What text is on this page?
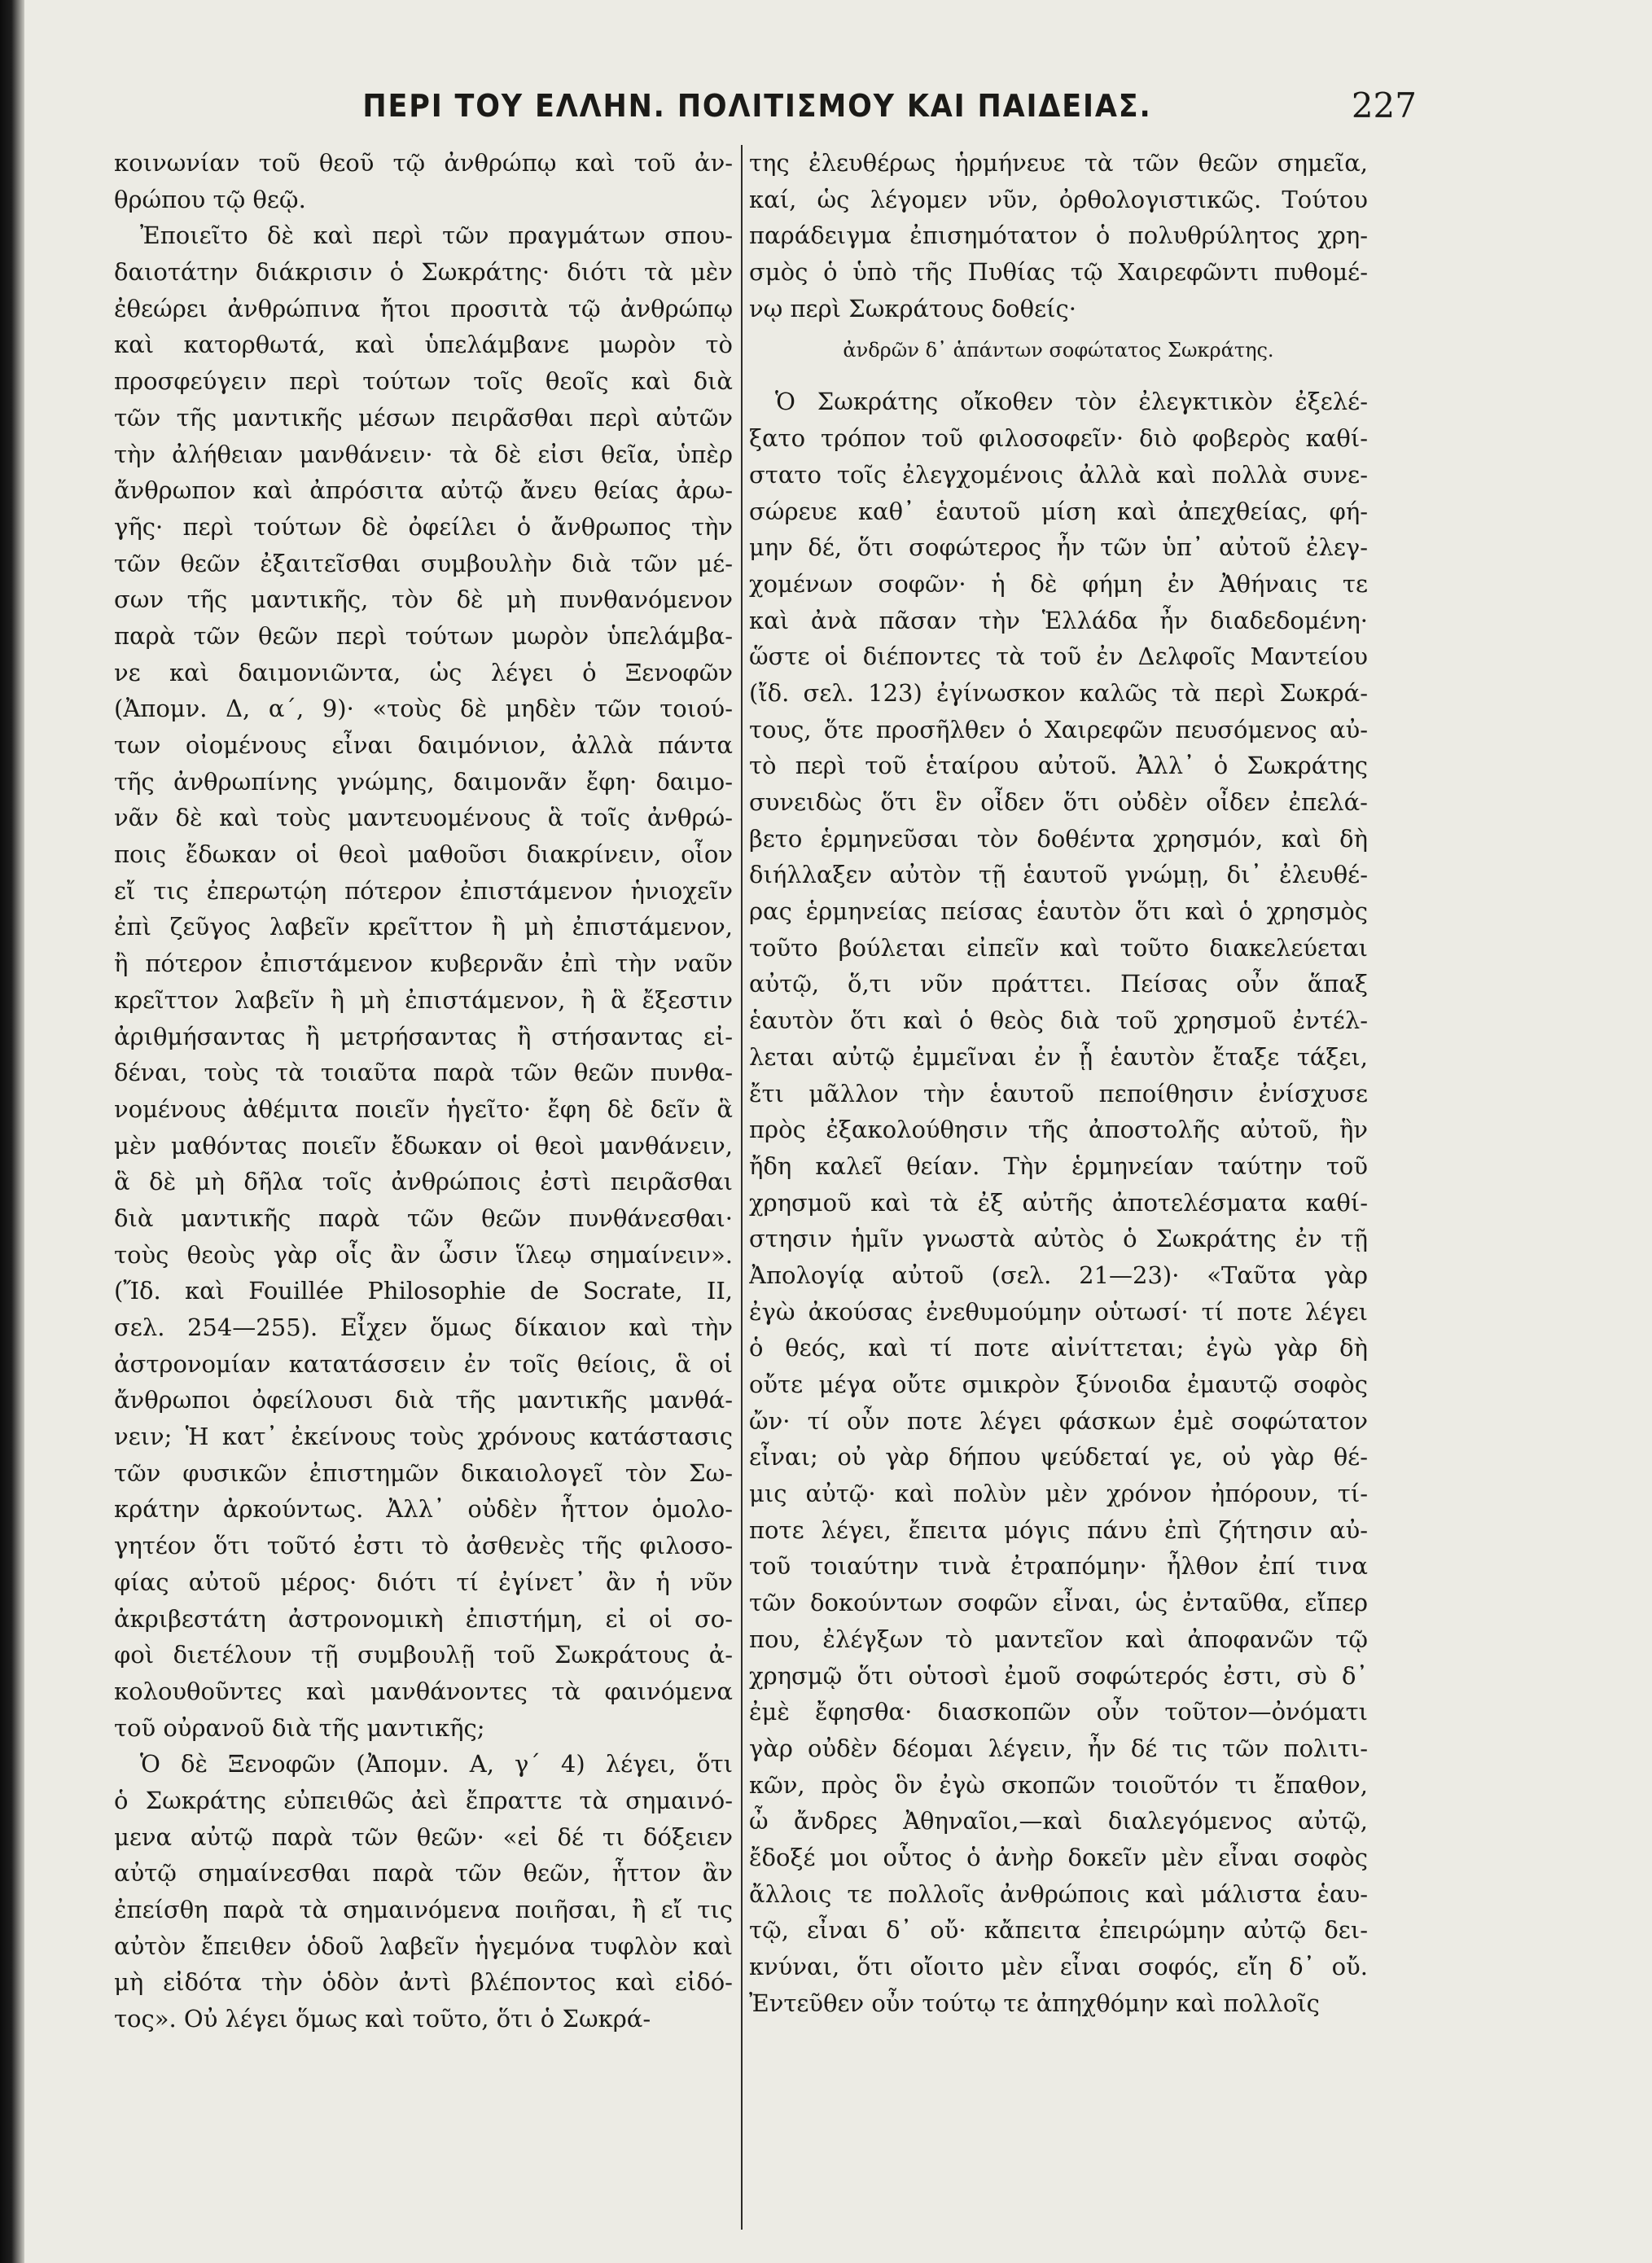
ΠΕΡΙ ΤΟΥ ΕΛΛΗΝ. ΠΟΛΙΤΙΣΜΟΥ ΚΑΙ ΠΑΙΔΕΙΑΣ.	227
κοινωνίαν τοῦ θεοῦ τῷ ἀνθρώπῳ καὶ τοῦ ἀν-
θρώπου τῷ θεῷ.
Ἐποιεῖτο δὲ καὶ περὶ τῶν πραγμάτων σπου-
δαιοτάτην διάκρισιν ὁ Σωκράτης· διότι τὰ μὲν
ἐθεώρει ἀνθρώπινα ἤτοι προσιτὰ τῷ ἀνθρώπῳ
καὶ κατορθωτά, καὶ ὑπελάμβανε μωρὸν τὸ
προσφεύγειν περὶ τούτων τοῖς θεοῖς καὶ διὰ
τῶν τῆς μαντικῆς μέσων πειρᾶσθαι περὶ αὐτῶν
τὴν ἀλήθειαν μανθάνειν· τὰ δὲ εἰσι θεῖα, ὑπὲρ
ἄνθρωπον καὶ ἀπρόσιτα αὐτῷ ἄνευ θείας ἀρω-
γῆς· περὶ τούτων δὲ ὀφείλει ὁ ἄνθρωπος τὴν
τῶν θεῶν ἐξαιτεῖσθαι συμβουλὴν διὰ τῶν μέ-
σων τῆς μαντικῆς, τὸν δὲ μὴ πυνθανόμενον
παρὰ τῶν θεῶν περὶ τούτων μωρὸν ὑπελάμβα-
νε καὶ δαιμονιῶντα, ὡς λέγει ὁ Ξενοφῶν
(Ἀπομν. Δ, α΄, 9)· «τοὺς δὲ μηδὲν τῶν τοιού-
των οἰομένους εἶναι δαιμόνιον, ἀλλὰ πάντα
τῆς ἀνθρωπίνης γνώμης, δαιμονᾶν ἔφη· δαιμο-
νᾶν δὲ καὶ τοὺς μαντευομένους ἃ τοῖς ἀνθρώ-
ποις ἔδωκαν οἱ θεοὶ μαθοῦσι διακρίνειν, οἷον
εἴ τις ἐπερωτῴη πότερον ἐπιστάμενον ἡνιοχεῖν
ἐπὶ ζεῦγος λαβεῖν κρεῖττον ἢ μὴ ἐπιστάμενον,
ἢ πότερον ἐπιστάμενον κυβερνᾶν ἐπὶ τὴν ναῦν
κρεῖττον λαβεῖν ἢ μὴ ἐπιστάμενον, ἢ ἃ ἔξεστιν
ἀριθμήσαντας ἢ μετρήσαντας ἢ στήσαντας εἰ-
δέναι, τοὺς τὰ τοιαῦτα παρὰ τῶν θεῶν πυνθα-
νομένους ἀθέμιτα ποιεῖν ἡγεῖτο· ἔφη δὲ δεῖν ἃ
μὲν μαθόντας ποιεῖν ἔδωκαν οἱ θεοὶ μανθάνειν,
ἃ δὲ μὴ δῆλα τοῖς ἀνθρώποις ἐστὶ πειρᾶσθαι
διὰ μαντικῆς παρὰ τῶν θεῶν πυνθάνεσθαι·
τοὺς θεοὺς γὰρ οἷς ἂν ὦσιν ἵλεῳ σημαίνειν».
(Ἴδ. καὶ Fouillée Philosophie de Socrate, II,
σελ. 254—255). Εἶχεν ὅμως δίκαιον καὶ τὴν
ἀστρονομίαν κατατάσσειν ἐν τοῖς θείοις, ἃ οἱ
ἄνθρωποι ὀφείλουσι διὰ τῆς μαντικῆς μανθά-
νειν; Ἡ κατ᾽ ἐκείνους τοὺς χρόνους κατάστασις
τῶν φυσικῶν ἐπιστημῶν δικαιολογεῖ τὸν Σω-
κράτην ἀρκούντως. Ἀλλ᾽ οὐδὲν ἧττον ὁμολο-
γητέον ὅτι τοῦτό ἐστι τὸ ἀσθενὲς τῆς φιλοσο-
φίας αὐτοῦ μέρος· διότι τί ἐγίνετ᾽ ἂν ἡ νῦν
ἀκριβεστάτη ἀστρονομικὴ ἐπιστήμη, εἰ οἱ σο-
φοὶ διετέλουν τῇ συμβουλῇ τοῦ Σωκράτους ἀ-
κολουθοῦντες καὶ μανθάνοντες τὰ φαινόμενα
τοῦ οὐρανοῦ διὰ τῆς μαντικῆς;
Ὁ δὲ Ξενοφῶν (Ἀπομν. Α, γ΄ 4) λέγει, ὅτι
ὁ Σωκράτης εὐπειθῶς ἀεὶ ἔπραττε τὰ σημαινό-
μενα αὐτῷ παρὰ τῶν θεῶν· «εἰ δέ τι δόξειεν
αὐτῷ σημαίνεσθαι παρὰ τῶν θεῶν, ἧττον ἂν
ἐπείσθη παρὰ τὰ σημαινόμενα ποιῆσαι, ἢ εἴ τις
αὐτὸν ἔπειθεν ὁδοῦ λαβεῖν ἡγεμόνα τυφλὸν καὶ
μὴ εἰδότα τὴν ὁδὸν ἀντὶ βλέποντος καὶ εἰδό-
τος». Οὐ λέγει ὅμως καὶ τοῦτο, ὅτι ὁ Σωκρά-
της ἐλευθέρως ἡρμήνευε τὰ τῶν θεῶν σημεῖα,
καί, ὡς λέγομεν νῦν, ὀρθολογιστικῶς. Τούτου
παράδειγμα ἐπισημότατον ὁ πολυθρύλητος χρη-
σμὸς ὁ ὑπὸ τῆς Πυθίας τῷ Χαιρεφῶντι πυθομέ-
νῳ περὶ Σωκράτους δοθείς·
ἀνδρῶν δ᾽ ἁπάντων σοφώτατος Σωκράτης.
Ὁ Σωκράτης οἴκοθεν τὸν ἐλεγκτικὸν ἐξελέ-
ξατο τρόπον τοῦ φιλοσοφεῖν· διὸ φοβερὸς καθί-
στατο τοῖς ἐλεγχομένοις ἀλλὰ καὶ πολλὰ συνε-
σώρευε καθ᾽ ἑαυτοῦ μίση καὶ ἀπεχθείας, φή-
μην δέ, ὅτι σοφώτερος ἦν τῶν ὑπ᾽ αὐτοῦ ἐλεγ-
χομένων σοφῶν· ἡ δὲ φήμη ἐν Ἀθήναις τε
καὶ ἀνὰ πᾶσαν τὴν Ἑλλάδα ἦν διαδεδομένη·
ὥστε οἱ διέποντες τὰ τοῦ ἐν Δελφοῖς Μαντείου
(ἴδ. σελ. 123) ἐγίνωσκον καλῶς τὰ περὶ Σωκρά-
τους, ὅτε προσῆλθεν ὁ Χαιρεφῶν πευσόμενος αὐ-
τὸ περὶ τοῦ ἑταίρου αὐτοῦ. Ἀλλ᾽ ὁ Σωκράτης
συνειδὼς ὅτι ἓν οἶδεν ὅτι οὐδὲν οἶδεν ἐπελά-
βετο ἑρμηνεῦσαι τὸν δοθέντα χρησμόν, καὶ δὴ
διήλλαξεν αὐτὸν τῇ ἑαυτοῦ γνώμῃ, δι᾽ ἐλευθέ-
ρας ἑρμηνείας πείσας ἑαυτὸν ὅτι καὶ ὁ χρησμὸς
τοῦτο βούλεται εἰπεῖν καὶ τοῦτο διακελεύεται
αὐτῷ, ὅ,τι νῦν πράττει. Πείσας οὖν ἅπαξ
ἑαυτὸν ὅτι καὶ ὁ θεὸς διὰ τοῦ χρησμοῦ ἐντέλ-
λεται αὐτῷ ἐμμεῖναι ἐν ᾗ ἑαυτὸν ἔταξε τάξει,
ἔτι μᾶλλον τὴν ἑαυτοῦ πεποίθησιν ἐνίσχυσε
πρὸς ἐξακολούθησιν τῆς ἀποστολῆς αὐτοῦ, ἣν
ἤδη καλεῖ θείαν. Τὴν ἑρμηνείαν ταύτην τοῦ
χρησμοῦ καὶ τὰ ἐξ αὐτῆς ἀποτελέσματα καθί-
στησιν ἡμῖν γνωστὰ αὐτὸς ὁ Σωκράτης ἐν τῇ
Ἀπολογίᾳ αὐτοῦ (σελ. 21—23)· «Ταῦτα γὰρ
ἐγὼ ἀκούσας ἐνεθυμούμην οὑτωσί· τί ποτε λέγει
ὁ θεός, καὶ τί ποτε αἰνίττεται; ἐγὼ γὰρ δὴ
οὔτε μέγα οὔτε σμικρὸν ξύνοιδα ἐμαυτῷ σοφὸς
ὤν· τί οὖν ποτε λέγει φάσκων ἐμὲ σοφώτατον
εἶναι; οὐ γὰρ δήπου ψεύδεταί γε, οὐ γὰρ θέ-
μις αὐτῷ· καὶ πολὺν μὲν χρόνον ἠπόρουν, τί-
ποτε λέγει, ἔπειτα μόγις πάνυ ἐπὶ ζήτησιν αὐ-
τοῦ τοιαύτην τινὰ ἐτραπόμην· ἦλθον ἐπί τινα
τῶν δοκούντων σοφῶν εἶναι, ὡς ἐνταῦθα, εἴπερ
που, ἐλέγξων τὸ μαντεῖον καὶ ἀποφανῶν τῷ
χρησμῷ ὅτι οὑτοσὶ ἐμοῦ σοφώτερός ἐστι, σὺ δ᾽
ἐμὲ ἔφησθα· διασκοπῶν οὖν τοῦτον—ὀνόματι
γὰρ οὐδὲν δέομαι λέγειν, ἦν δέ τις τῶν πολιτι-
κῶν, πρὸς ὃν ἐγὼ σκοπῶν τοιοῦτόν τι ἔπαθον,
ὦ ἄνδρες Ἀθηναῖοι,—καὶ διαλεγόμενος αὐτῷ,
ἔδοξέ μοι οὗτος ὁ ἀνὴρ δοκεῖν μὲν εἶναι σοφὸς
ἄλλοις τε πολλοῖς ἀνθρώποις καὶ μάλιστα ἑαυ-
τῷ, εἶναι δ᾽ οὔ· κἄπειτα ἐπειρώμην αὐτῷ δει-
κνύναι, ὅτι οἴοιτο μὲν εἶναι σοφός, εἴη δ᾽ οὔ.
Ἐντεῦθεν οὖν τούτῳ τε ἀπηχθόμην καὶ πολλοῖς
